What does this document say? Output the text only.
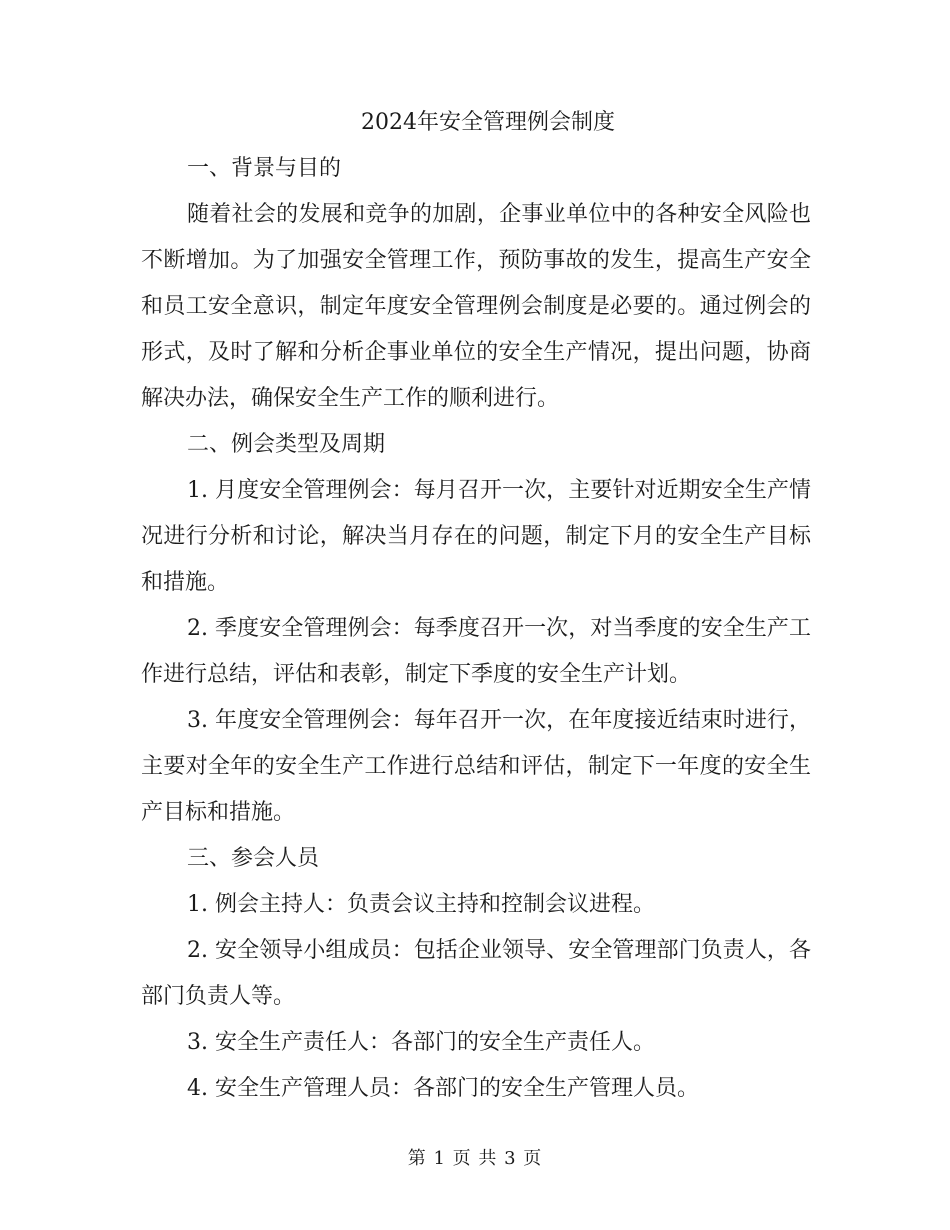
2024年安全管理例会制度

一、背景与目的

随着社会的发展和竞争的加剧，企事业单位中的各种安全风险也不断增加。为了加强安全管理工作，预防事故的发生，提高生产安全和员工安全意识，制定年度安全管理例会制度是必要的。通过例会的形式，及时了解和分析企事业单位的安全生产情况，提出问题，协商解决办法，确保安全生产工作的顺利进行。

二、例会类型及周期

1. 月度安全管理例会：每月召开一次，主要针对近期安全生产情况进行分析和讨论，解决当月存在的问题，制定下月的安全生产目标和措施。

2. 季度安全管理例会：每季度召开一次，对当季度的安全生产工作进行总结，评估和表彰，制定下季度的安全生产计划。

3. 年度安全管理例会：每年召开一次，在年度接近结束时进行，主要对全年的安全生产工作进行总结和评估，制定下一年度的安全生产目标和措施。

三、参会人员

1. 例会主持人：负责会议主持和控制会议进程。

2. 安全领导小组成员：包括企业领导、安全管理部门负责人，各部门负责人等。

3. 安全生产责任人：各部门的安全生产责任人。

4. 安全生产管理人员：各部门的安全生产管理人员。

第 1 页 共 3 页
